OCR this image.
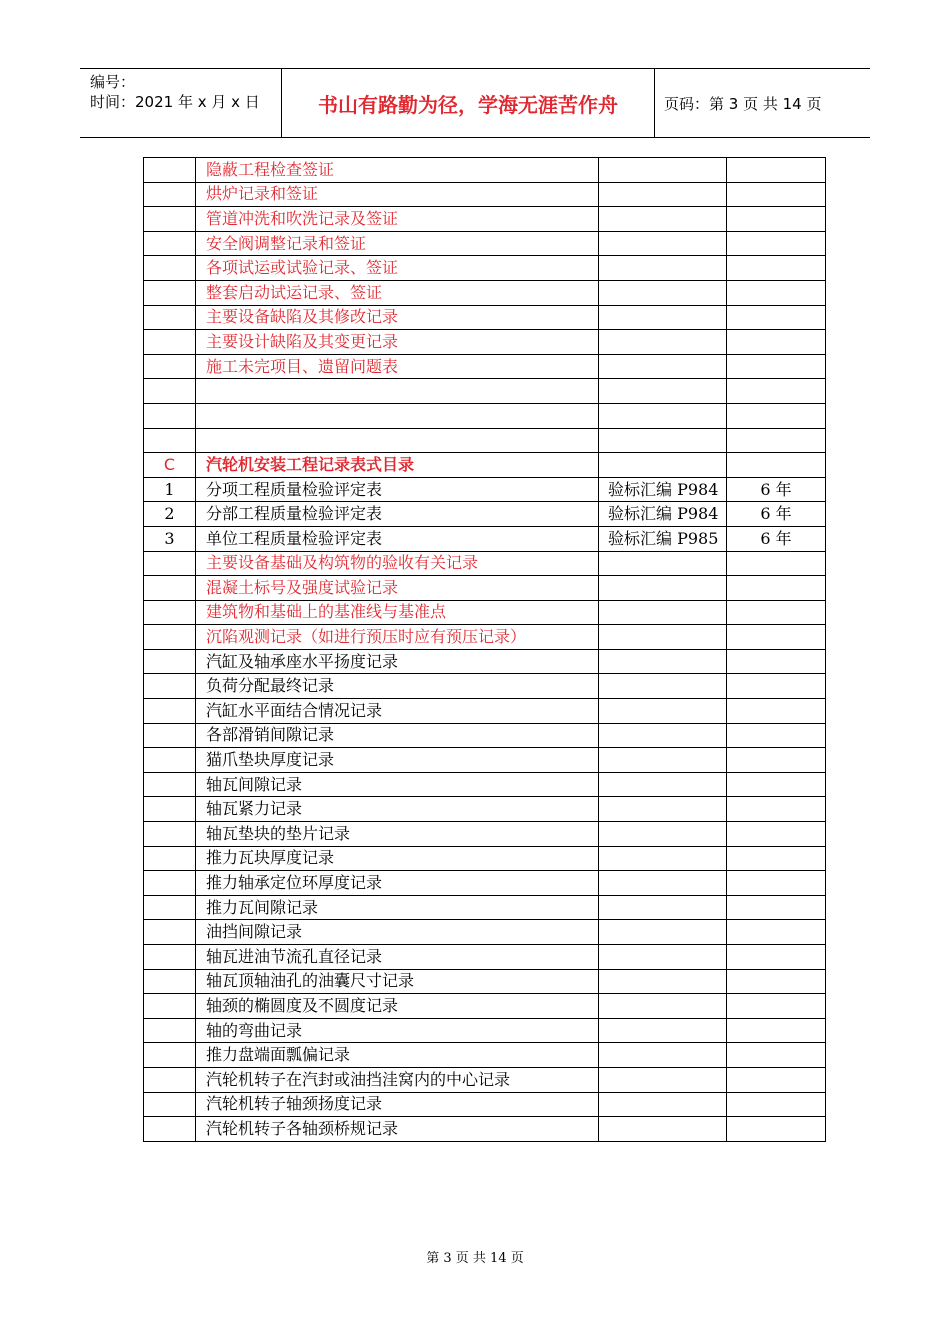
编号：
时间：2021 年 x 月 x 日	书山有路勤为径，学海无涯苦作舟	页码：第 3 页 共 14 页
	隐蔽工程检查签证		
	烘炉记录和签证		
	管道冲洗和吹洗记录及签证		
	安全阀调整记录和签证		
	各项试运或试验记录、签证		
	整套启动试运记录、签证		
	主要设备缺陷及其修改记录		
	主要设计缺陷及其变更记录		
	施工未完项目、遗留问题表		

C	汽轮机安装工程记录表式目录		
1	分项工程质量检验评定表	验标汇编 P984	6 年
2	分部工程质量检验评定表	验标汇编 P984	6 年
3	单位工程质量检验评定表	验标汇编 P985	6 年
	主要设备基础及构筑物的验收有关记录		
	混凝土标号及强度试验记录		
	建筑物和基础上的基准线与基准点		
	沉陷观测记录（如进行预压时应有预压记录）		
	汽缸及轴承座水平扬度记录		
	负荷分配最终记录		
	汽缸水平面结合情况记录		
	各部滑销间隙记录		
	猫爪垫块厚度记录		
	轴瓦间隙记录		
	轴瓦紧力记录		
	轴瓦垫块的垫片记录		
	推力瓦块厚度记录		
	推力轴承定位环厚度记录		
	推力瓦间隙记录		
	油挡间隙记录		
	轴瓦进油节流孔直径记录		
	轴瓦顶轴油孔的油囊尺寸记录		
	轴颈的椭圆度及不圆度记录		
	轴的弯曲记录		
	推力盘端面瓢偏记录		
	汽轮机转子在汽封或油挡洼窝内的中心记录		
	汽轮机转子轴颈扬度记录		
	汽轮机转子各轴颈桥规记录		
第 3 页 共 14 页
